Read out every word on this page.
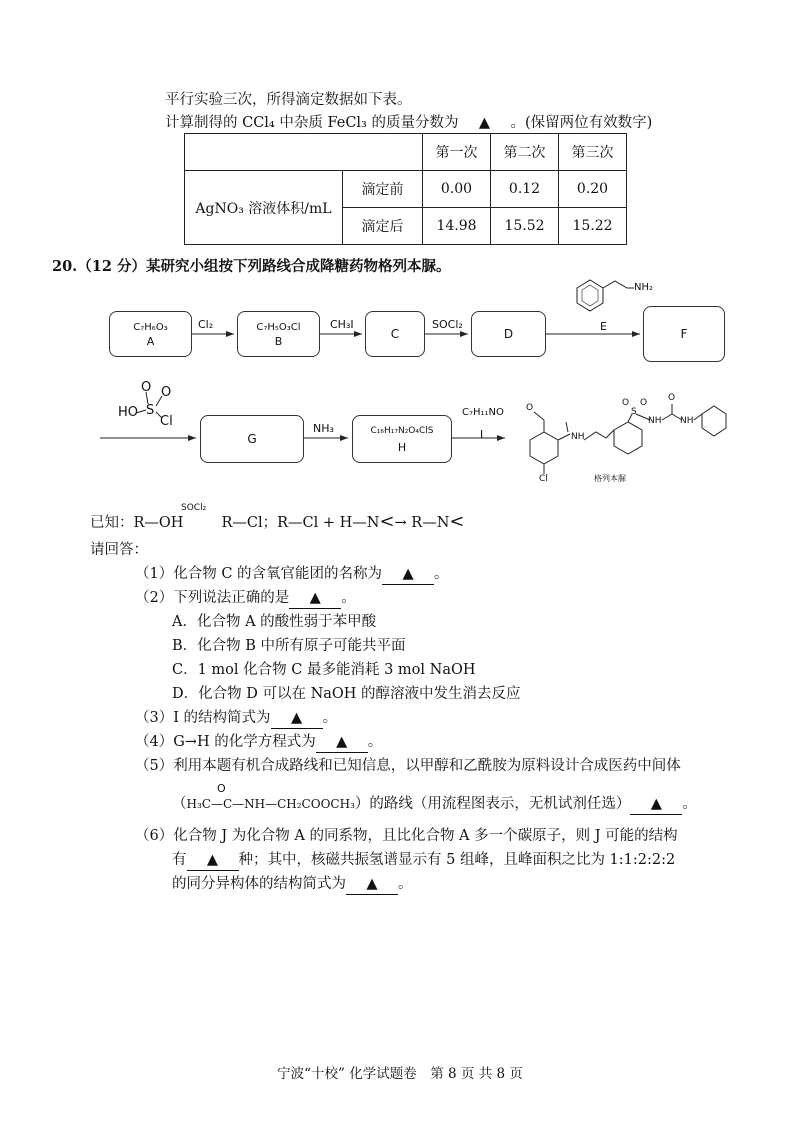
平行实验三次，所得滴定数据如下表。
计算制得的 CCl₄ 中杂质 FeCl₃ 的质量分数为 ▲ 。(保留两位有效数字)
		第一次	第二次	第三次
AgNO₃ 溶液体积/mL	滴定前	0.00	0.12	0.20
	滴定后	14.98	15.52	15.22
20.（12 分）某研究小组按下列路线合成降糖药物格列本脲。
C₇H₆O₃
A
C₇H₅O₃Cl
B
C	D	F
Cl₂	CH₃I	SOCl₂	E
NH₂
O O
HO S
Cl
G
C₁₆H₁₇N₂O₄ClS
H
NH₃
C₇H₁₁NO
I
O
Cl
NH
O O
S
NH NH
O
格列本脲
已知：R—OH	R—Cl；R—Cl + H—N<→ R—N<
SOCl₂
请回答：
（1）化合物 C 的含氧官能团的名称为 ▲ 。
（2）下列说法正确的是 ▲ 。
A．化合物 A 的酸性弱于苯甲酸
B．化合物 B 中所有原子可能共平面
C．1 mol 化合物 C 最多能消耗 3 mol NaOH
D．化合物 D 可以在 NaOH 的醇溶液中发生消去反应
（3）I 的结构简式为 ▲ 。
（4）G→H 的化学方程式为 ▲ 。
（5）利用本题有机合成路线和已知信息，以甲醇和乙酰胺为原料设计合成医药中间体
O
（H₃C—C—NH—CH₂COOCH₃）的路线（用流程图表示，无机试剂任选） ▲ 。
（6）化合物 J 为化合物 A 的同系物，且比化合物 A 多一个碳原子，则 J 可能的结构
有 ▲ 种；其中，核磁共振氢谱显示有 5 组峰，且峰面积之比为 1:1:2:2:2
的同分异构体的结构简式为 ▲ 。
宁波“十校” 化学试题卷　第 8 页 共 8 页
